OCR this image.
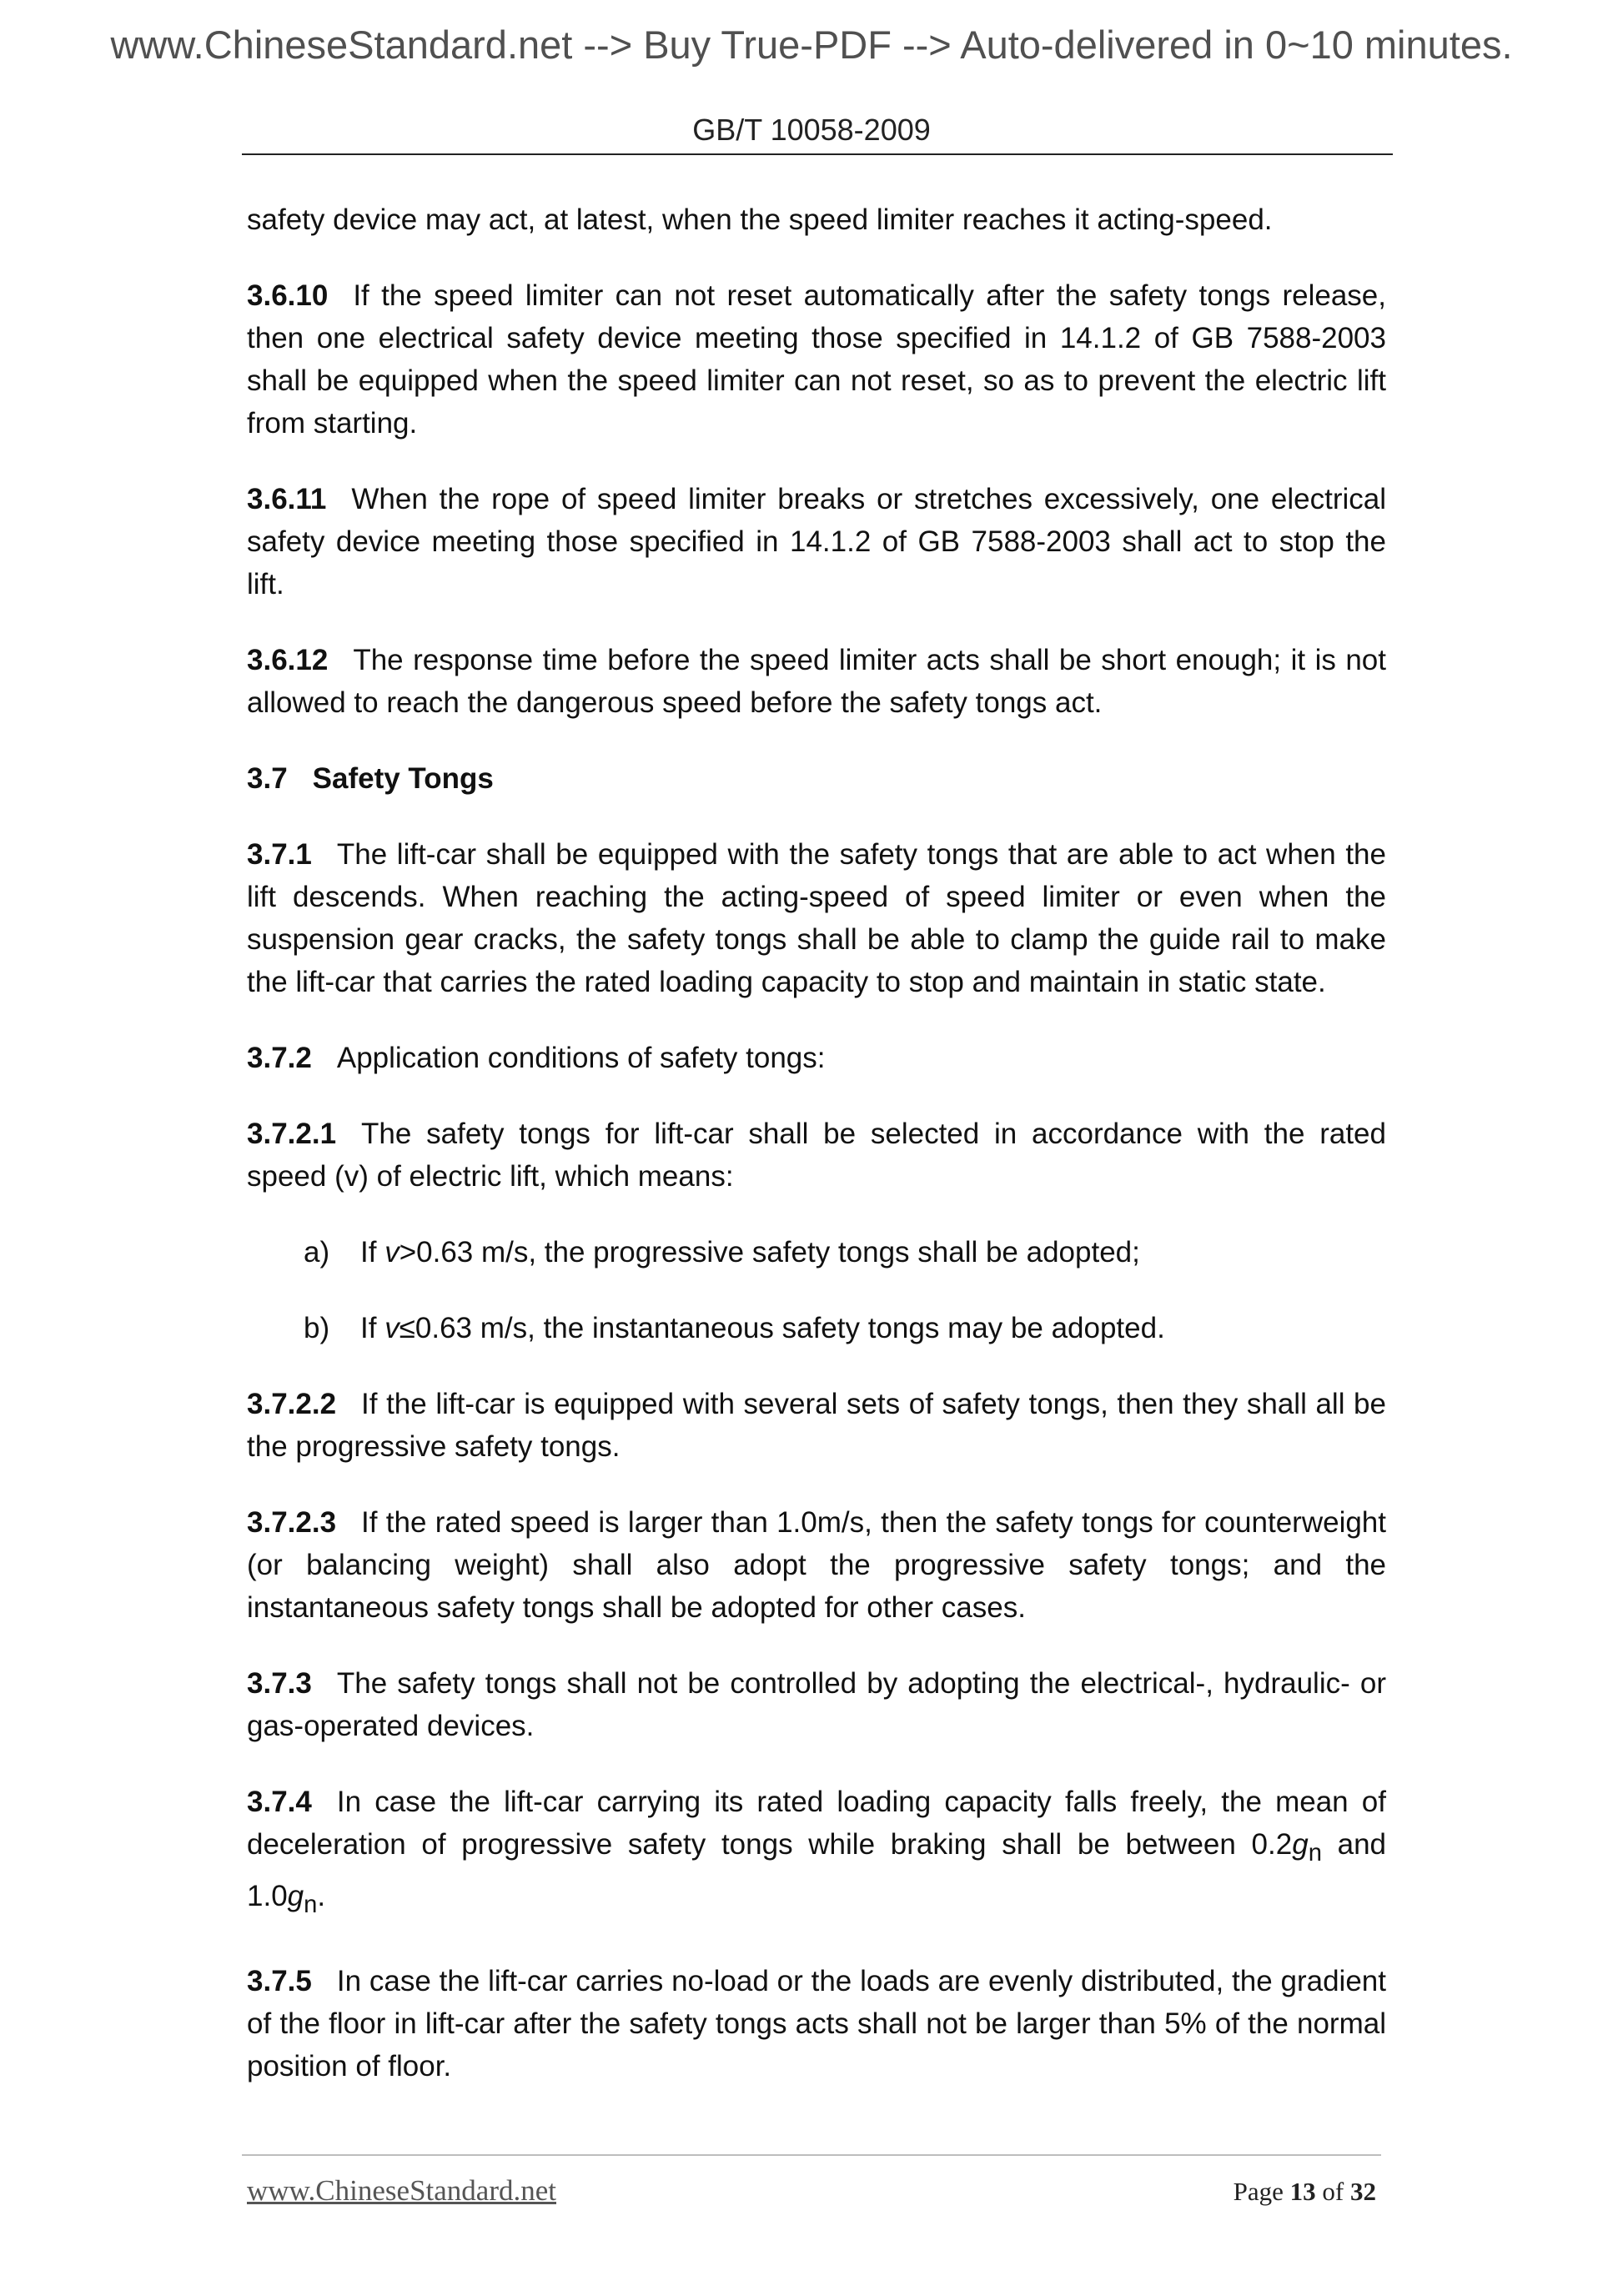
www.ChineseStandard.net --> Buy True-PDF --> Auto-delivered in 0~10 minutes.
GB/T 10058-2009

safety device may act, at latest, when the speed limiter reaches it acting-speed.

3.6.10 If the speed limiter can not reset automatically after the safety tongs release, then one electrical safety device meeting those specified in 14.1.2 of GB 7588-2003 shall be equipped when the speed limiter can not reset, so as to prevent the electric lift from starting.

3.6.11 When the rope of speed limiter breaks or stretches excessively, one electrical safety device meeting those specified in 14.1.2 of GB 7588-2003 shall act to stop the lift.

3.6.12 The response time before the speed limiter acts shall be short enough; it is not allowed to reach the dangerous speed before the safety tongs act.

3.7 Safety Tongs

3.7.1 The lift-car shall be equipped with the safety tongs that are able to act when the lift descends. When reaching the acting-speed of speed limiter or even when the suspension gear cracks, the safety tongs shall be able to clamp the guide rail to make the lift-car that carries the rated loading capacity to stop and maintain in static state.

3.7.2 Application conditions of safety tongs:

3.7.2.1 The safety tongs for lift-car shall be selected in accordance with the rated speed (v) of electric lift, which means:

a)	If v>0.63 m/s, the progressive safety tongs shall be adopted;
b)	If v≤0.63 m/s, the instantaneous safety tongs may be adopted.

3.7.2.2 If the lift-car is equipped with several sets of safety tongs, then they shall all be the progressive safety tongs.

3.7.2.3 If the rated speed is larger than 1.0m/s, then the safety tongs for counterweight (or balancing weight) shall also adopt the progressive safety tongs; and the instantaneous safety tongs shall be adopted for other cases.

3.7.3 The safety tongs shall not be controlled by adopting the electrical-, hydraulic- or gas-operated devices.

3.7.4 In case the lift-car carrying its rated loading capacity falls freely, the mean of deceleration of progressive safety tongs while braking shall be between $0.2g_n$ and $1.0g_n$.

3.7.5 In case the lift-car carries no-load or the loads are evenly distributed, the gradient of the floor in lift-car after the safety tongs acts shall not be larger than 5% of the normal position of floor.

www.ChineseStandard.net	Page 13 of 32
